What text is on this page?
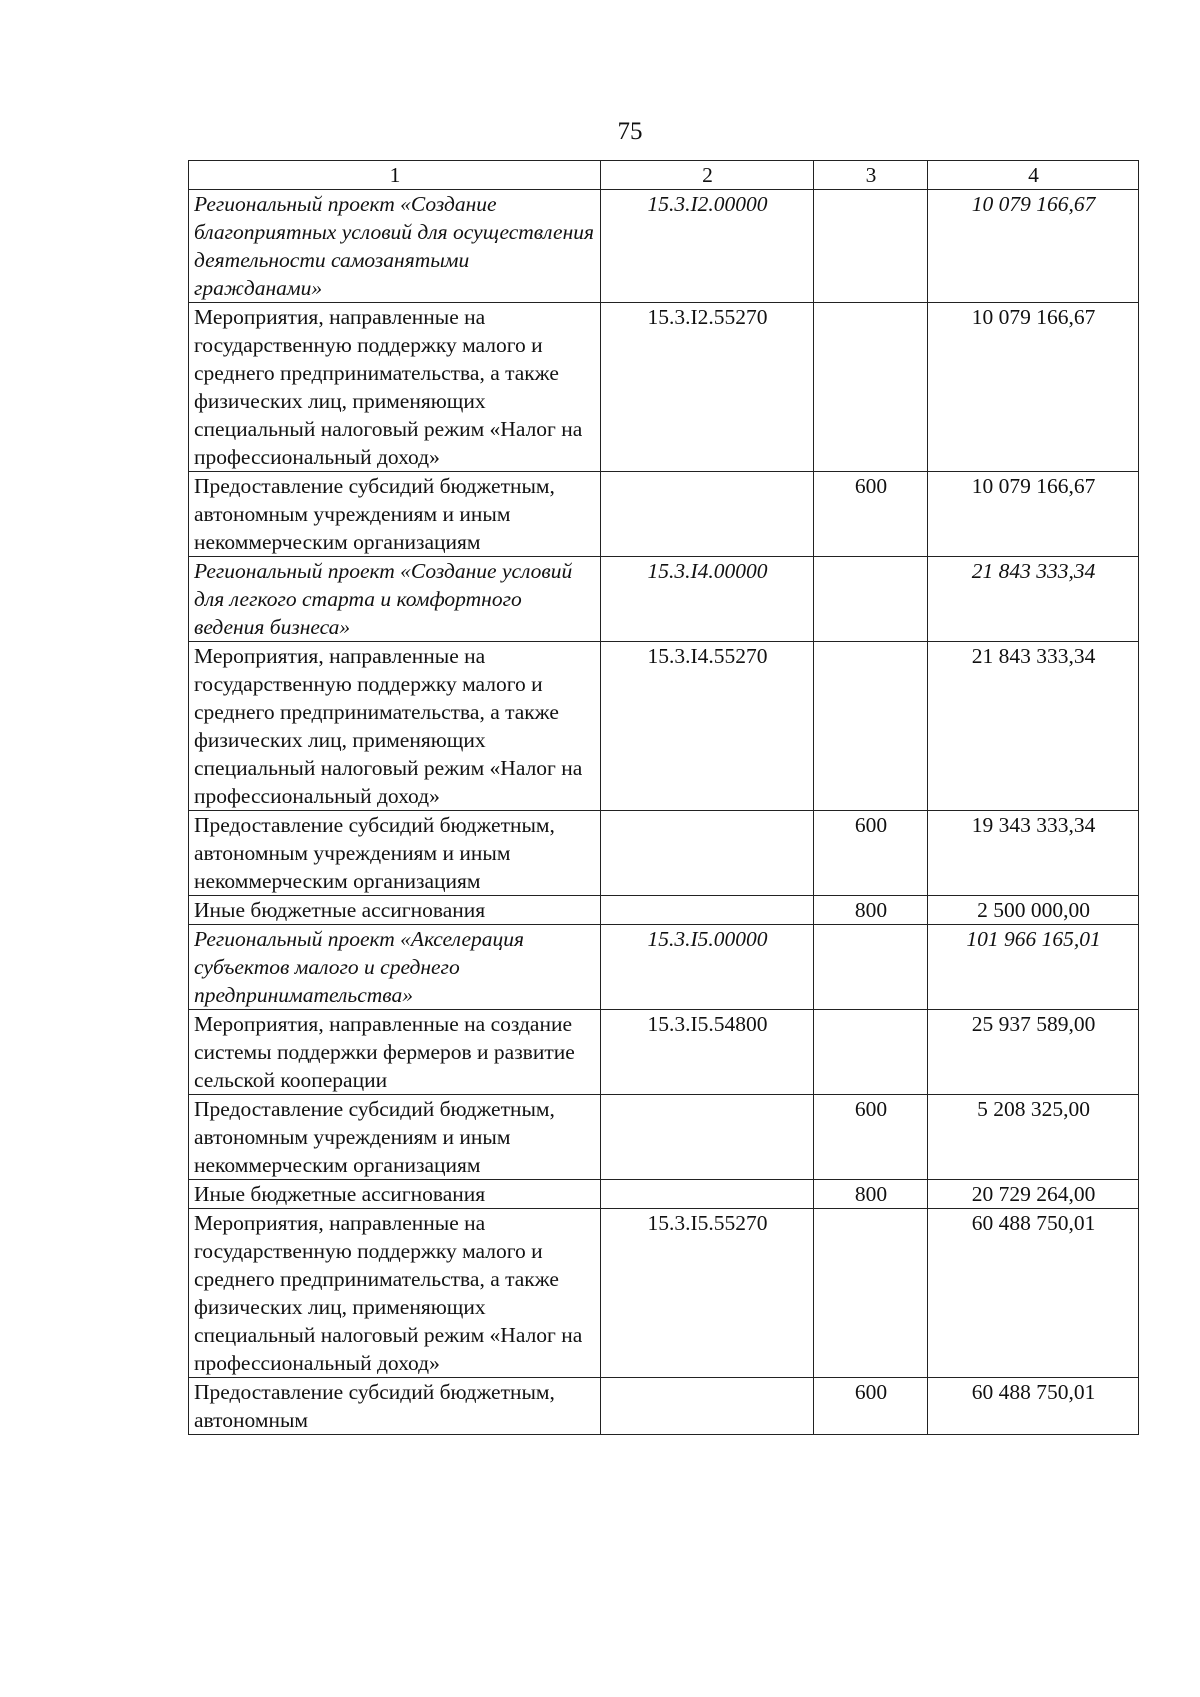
75
1	2	3	4
Региональный проект «Создание благоприятных условий для осуществления деятельности самозанятыми гражданами»	15.3.I2.00000		10 079 166,67
Мероприятия, направленные на государственную поддержку малого и среднего предпринимательства, а также физических лиц, применяющих специальный налоговый режим «Налог на профессиональный доход»	15.3.I2.55270		10 079 166,67
Предоставление субсидий бюджетным, автономным учреждениям и иным некоммерческим организациям		600	10 079 166,67
Региональный проект «Создание условий для легкого старта и комфортного ведения бизнеса»	15.3.I4.00000		21 843 333,34
Мероприятия, направленные на государственную поддержку малого и среднего предпринимательства, а также физических лиц, применяющих специальный налоговый режим «Налог на профессиональный доход»	15.3.I4.55270		21 843 333,34
Предоставление субсидий бюджетным, автономным учреждениям и иным некоммерческим организациям		600	19 343 333,34
Иные бюджетные ассигнования		800	2 500 000,00
Региональный проект «Акселерация субъектов малого и среднего предпринимательства»	15.3.I5.00000		101 966 165,01
Мероприятия, направленные на создание системы поддержки фермеров и развитие сельской кооперации	15.3.I5.54800		25 937 589,00
Предоставление субсидий бюджетным, автономным учреждениям и иным некоммерческим организациям		600	5 208 325,00
Иные бюджетные ассигнования		800	20 729 264,00
Мероприятия, направленные на государственную поддержку малого и среднего предпринимательства, а также физических лиц, применяющих специальный налоговый режим «Налог на профессиональный доход»	15.3.I5.55270		60 488 750,01
Предоставление субсидий бюджетным, автономным		600	60 488 750,01
